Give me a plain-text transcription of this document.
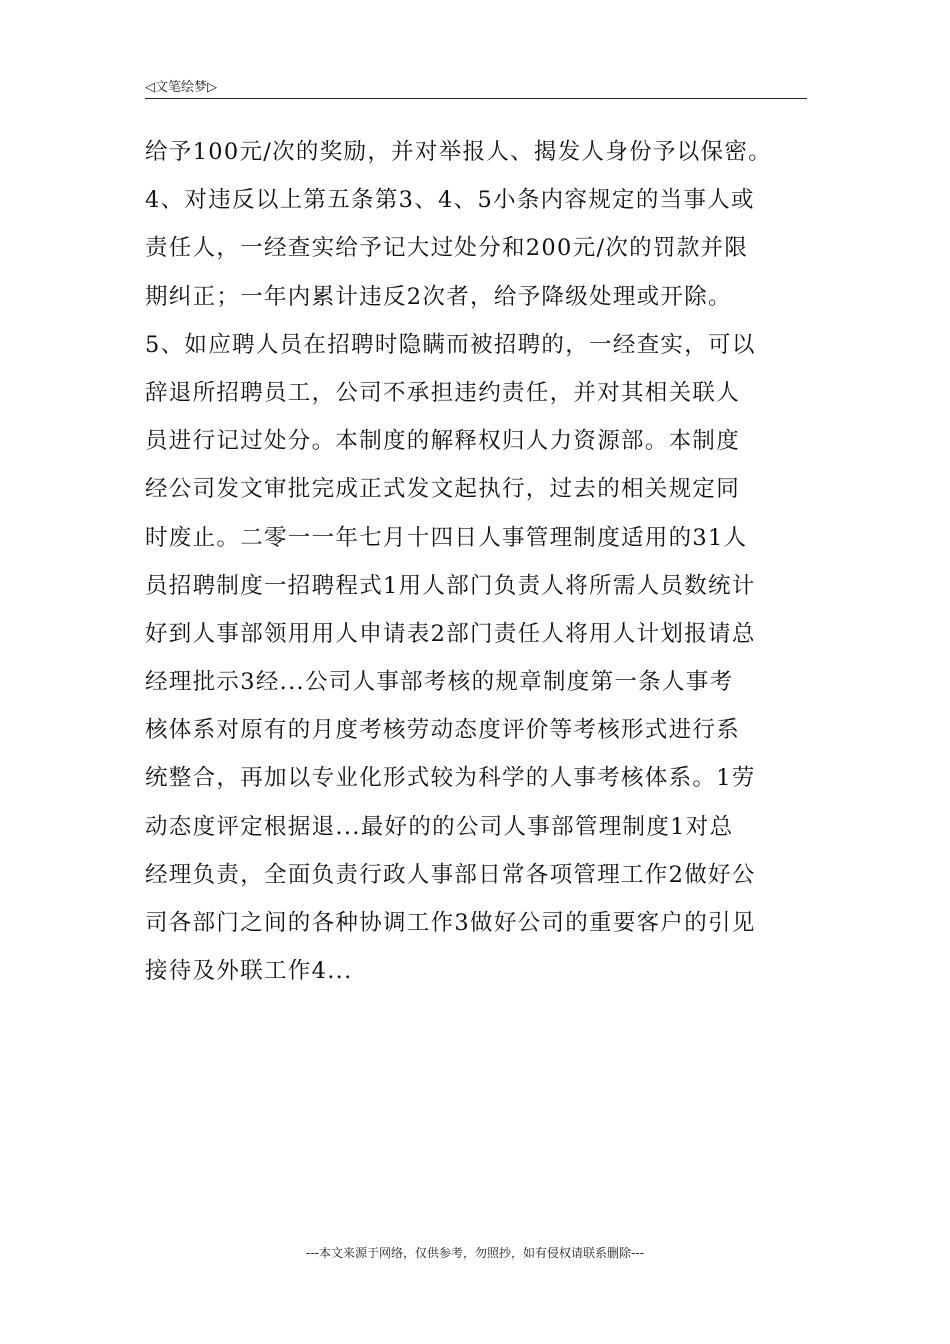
◁文笔绘梦▷
给予100元/次的奖励，并对举报人、揭发人身份予以保密。
4、对违反以上第五条第3、4、5小条内容规定的当事人或
责任人，一经查实给予记大过处分和200元/次的罚款并限
期纠正；一年内累计违反2次者，给予降级处理或开除。
5、如应聘人员在招聘时隐瞒而被招聘的，一经查实，可以
辞退所招聘员工，公司不承担违约责任，并对其相关联人
员进行记过处分。本制度的解释权归人力资源部。本制度
经公司发文审批完成正式发文起执行，过去的相关规定同
时废止。二零一一年七月十四日人事管理制度适用的31人
员招聘制度一招聘程式1用人部门负责人将所需人员数统计
好到人事部领用用人申请表2部门责任人将用人计划报请总
经理批示3经...公司人事部考核的规章制度第一条人事考
核体系对原有的月度考核劳动态度评价等考核形式进行系
统整合，再加以专业化形式较为科学的人事考核体系。1劳
动态度评定根据退...最好的的公司人事部管理制度1对总
经理负责，全面负责行政人事部日常各项管理工作2做好公
司各部门之间的各种协调工作3做好公司的重要客户的引见
接待及外联工作4...
---本文来源于网络，仅供参考，勿照抄，如有侵权请联系删除---
